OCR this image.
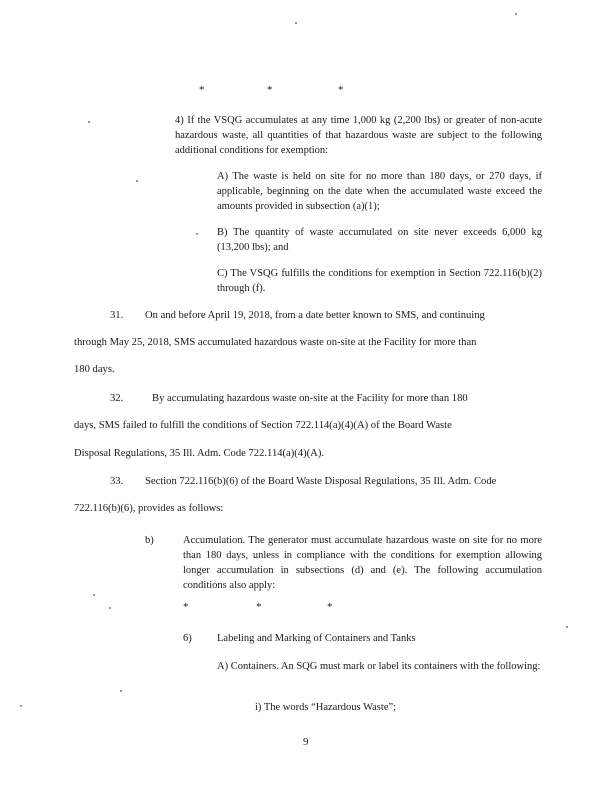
*	*	*
4) If the VSQG accumulates at any time 1,000 kg (2,200 lbs) or greater of non-acute hazardous waste, all quantities of that hazardous waste are subject to the following additional conditions for exemption:
A) The waste is held on site for no more than 180 days, or 270 days, if applicable, beginning on the date when the accumulated waste exceed the amounts provided in subsection (a)(1);
B) The quantity of waste accumulated on site never exceeds 6,000 kg (13,200 lbs); and
C) The VSQG fulfills the conditions for exemption in Section 722.116(b)(2) through (f).
31. On and before April 19, 2018, from a date better known to SMS, and continuing
through May 25, 2018, SMS accumulated hazardous waste on-site at the Facility for more than
180 days.
32.	By accumulating hazardous waste on-site at the Facility for more than 180
days, SMS failed to fulfill the conditions of Section 722.114(a)(4)(A) of the Board Waste
Disposal Regulations, 35 Ill. Adm. Code 722.114(a)(4)(A).
33. Section 722.116(b)(6) of the Board Waste Disposal Regulations, 35 Ill. Adm. Code
722.116(b)(6), provides as follows:
b)	Accumulation. The generator must accumulate hazardous waste on site for no more than 180 days, unless in compliance with the conditions for exemption allowing longer accumulation in subsections (d) and (e). The following accumulation conditions also apply:
*	*	*
6) Labeling and Marking of Containers and Tanks
A) Containers. An SQG must mark or label its containers with the following:
i) The words “Hazardous Waste”;
9
